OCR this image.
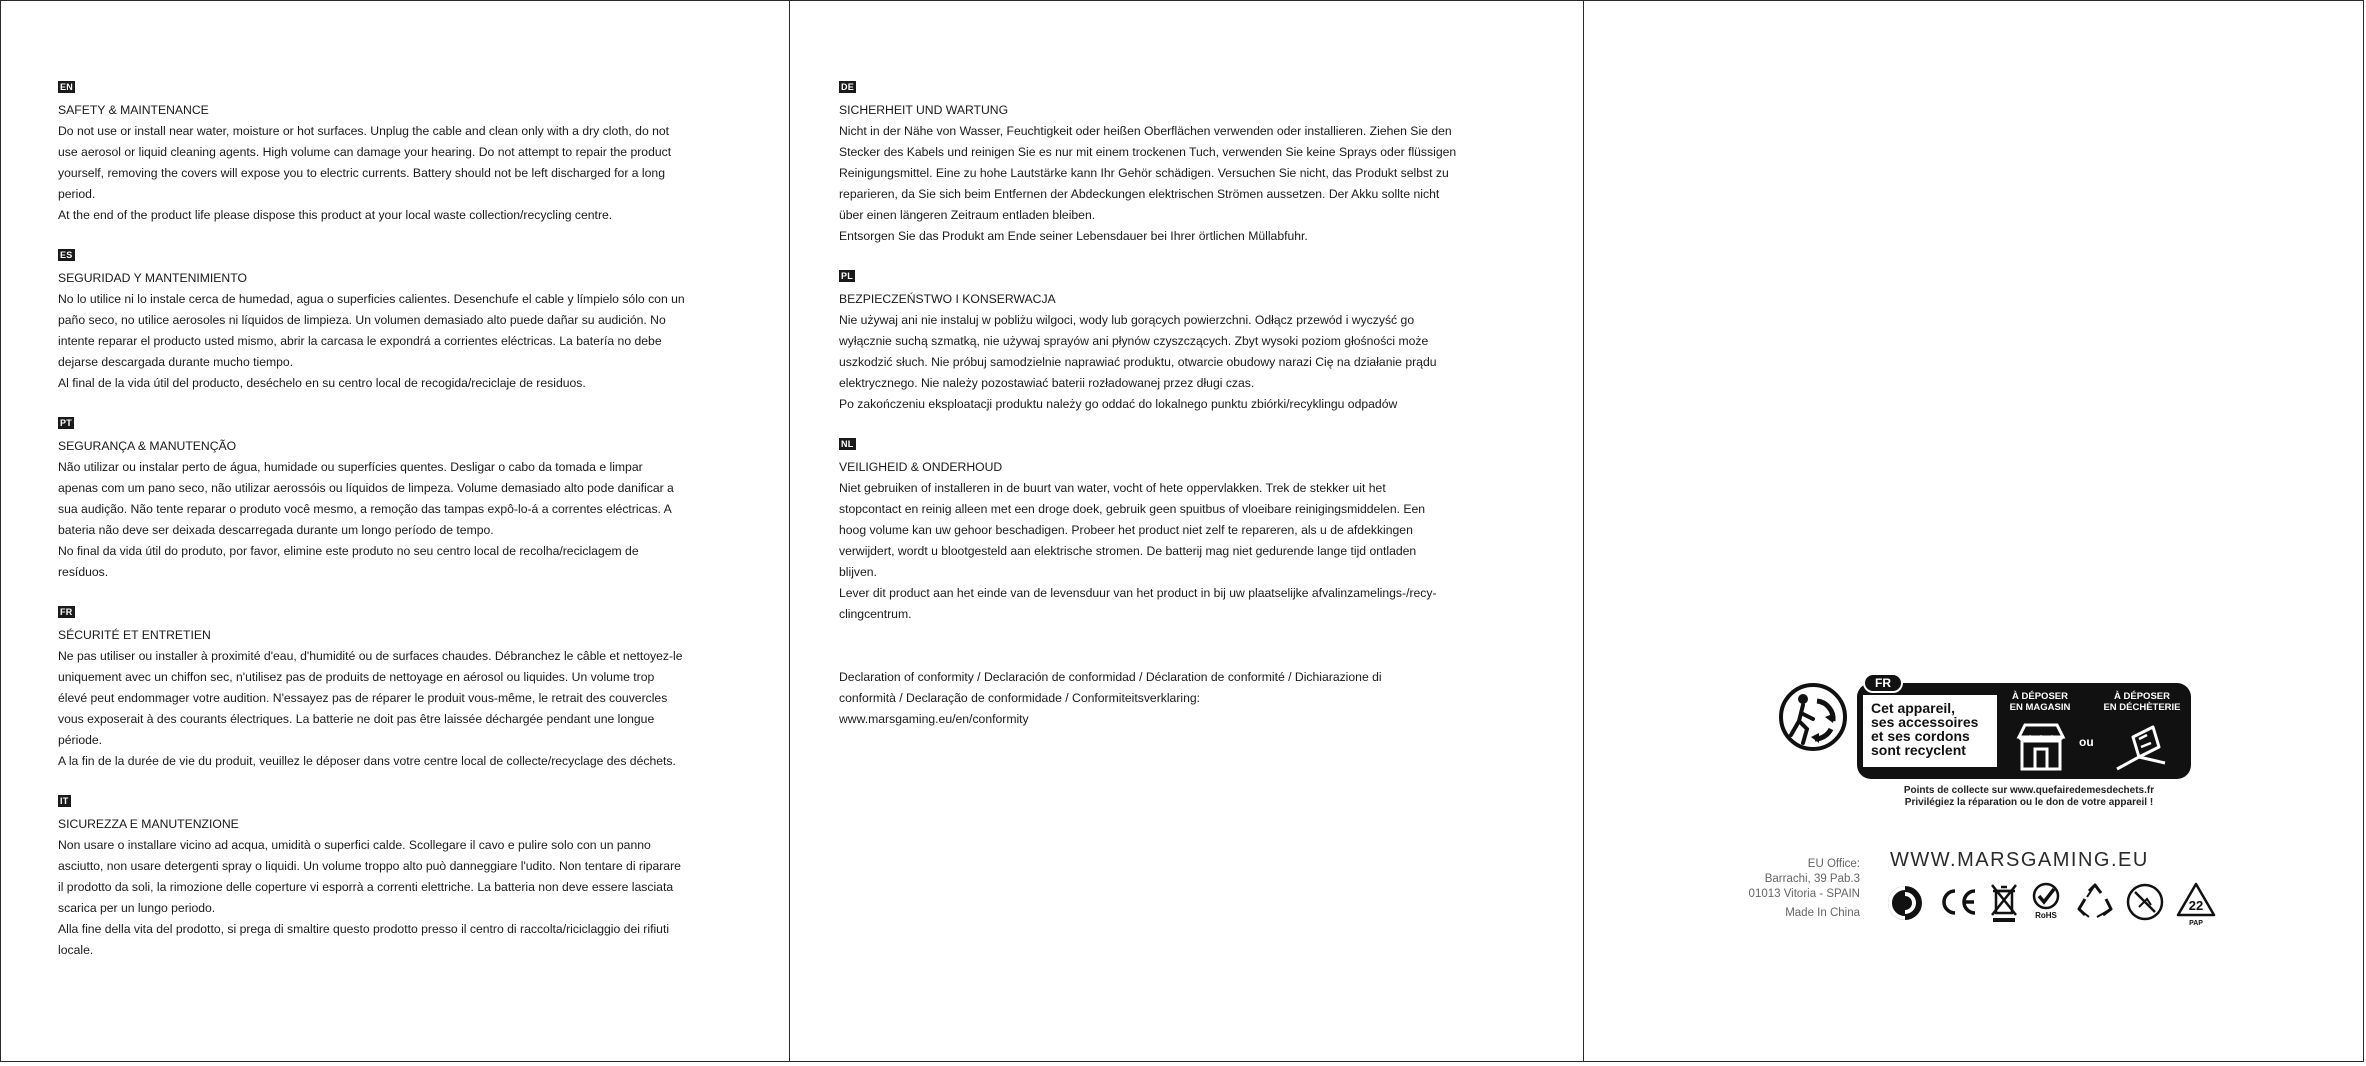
EN
SAFETY & MAINTENANCE
Do not use or install near water, moisture or hot surfaces. Unplug the cable and clean only with a dry cloth, do not
use aerosol or liquid cleaning agents. High volume can damage your hearing. Do not attempt to repair the product
yourself, removing the covers will expose you to electric currents. Battery should not be left discharged for a long
period.
At the end of the product life please dispose this product at your local waste collection/recycling centre.
ES
SEGURIDAD Y MANTENIMIENTO
No lo utilice ni lo instale cerca de humedad, agua o superficies calientes. Desenchufe el cable y límpielo sólo con un
paño seco, no utilice aerosoles ni líquidos de limpieza. Un volumen demasiado alto puede dañar su audición. No
intente reparar el producto usted mismo, abrir la carcasa le expondrá a corrientes eléctricas. La batería no debe
dejarse descargada durante mucho tiempo.
Al final de la vida útil del producto, deséchelo en su centro local de recogida/reciclaje de residuos.
PT
SEGURANÇA & MANUTENÇÃO
Não utilizar ou instalar perto de água, humidade ou superfícies quentes. Desligar o cabo da tomada e limpar
apenas com um pano seco, não utilizar aerossóis ou líquidos de limpeza. Volume demasiado alto pode danificar a
sua audição. Não tente reparar o produto você mesmo, a remoção das tampas expô-lo-á a correntes eléctricas. A
bateria não deve ser deixada descarregada durante um longo período de tempo.
No final da vida útil do produto, por favor, elimine este produto no seu centro local de recolha/reciclagem de
resíduos.
FR
SÉCURITÉ ET ENTRETIEN
Ne pas utiliser ou installer à proximité d'eau, d'humidité ou de surfaces chaudes. Débranchez le câble et nettoyez-le
uniquement avec un chiffon sec, n'utilisez pas de produits de nettoyage en aérosol ou liquides. Un volume trop
élevé peut endommager votre audition. N'essayez pas de réparer le produit vous-même, le retrait des couvercles
vous exposerait à des courants électriques. La batterie ne doit pas être laissée déchargée pendant une longue
période.
A la fin de la durée de vie du produit, veuillez le déposer dans votre centre local de collecte/recyclage des déchets.
IT
SICUREZZA E MANUTENZIONE
Non usare o installare vicino ad acqua, umidità o superfici calde. Scollegare il cavo e pulire solo con un panno
asciutto, non usare detergenti spray o liquidi. Un volume troppo alto può danneggiare l'udito. Non tentare di riparare
il prodotto da soli, la rimozione delle coperture vi esporrà a correnti elettriche. La batteria non deve essere lasciata
scarica per un lungo periodo.
Alla fine della vita del prodotto, si prega di smaltire questo prodotto presso il centro di raccolta/riciclaggio dei rifiuti
locale.
DE
SICHERHEIT UND WARTUNG
Nicht in der Nähe von Wasser, Feuchtigkeit oder heißen Oberflächen verwenden oder installieren. Ziehen Sie den
Stecker des Kabels und reinigen Sie es nur mit einem trockenen Tuch, verwenden Sie keine Sprays oder flüssigen
Reinigungsmittel. Eine zu hohe Lautstärke kann Ihr Gehör schädigen. Versuchen Sie nicht, das Produkt selbst zu
reparieren, da Sie sich beim Entfernen der Abdeckungen elektrischen Strömen aussetzen. Der Akku sollte nicht
über einen längeren Zeitraum entladen bleiben.
Entsorgen Sie das Produkt am Ende seiner Lebensdauer bei Ihrer örtlichen Müllabfuhr.
PL
BEZPIECZEŃSTWO I KONSERWACJA
Nie używaj ani nie instaluj w pobliżu wilgoci, wody lub gorących powierzchni. Odłącz przewód i wyczyść go
wyłącznie suchą szmatką, nie używaj sprayów ani płynów czyszczących. Zbyt wysoki poziom głośności może
uszkodzić słuch. Nie próbuj samodzielnie naprawiać produktu, otwarcie obudowy narazi Cię na działanie prądu
elektrycznego. Nie należy pozostawiać baterii rozładowanej przez długi czas.
Po zakończeniu eksploatacji produktu należy go oddać do lokalnego punktu zbiórki/recyklingu odpadów
NL
VEILIGHEID & ONDERHOUD
Niet gebruiken of installeren in de buurt van water, vocht of hete oppervlakken. Trek de stekker uit het
stopcontact en reinig alleen met een droge doek, gebruik geen spuitbus of vloeibare reinigingsmiddelen. Een
hoog volume kan uw gehoor beschadigen. Probeer het product niet zelf te repareren, als u de afdekkingen
verwijdert, wordt u blootgesteld aan elektrische stromen. De batterij mag niet gedurende lange tijd ontladen
blijven.
Lever dit product aan het einde van de levensduur van het product in bij uw plaatselijke afvalinzamelings-/recy-
clingcentrum.
Declaration of conformity / Declaración de conformidad / Déclaration de conformité / Dichiarazione di
conformità / Declaração de conformidade / Conformiteitsverklaring:
www.marsgaming.eu/en/conformity
FR
Cet appareil,
ses accessoires
et ses cordons
sont recyclent
À DÉPOSER
EN MAGASIN
ou
À DÉPOSER
EN DÉCHÈTERIE
Points de collecte sur www.quefairedemesdechets.fr
Privilégiez la réparation ou le don de votre appareil !
EU Office:
Barrachi, 39 Pab.3
01013 Vitoria - SPAIN
Made In China
WWW.MARSGAMING.EU
RoHS
22
PAP
